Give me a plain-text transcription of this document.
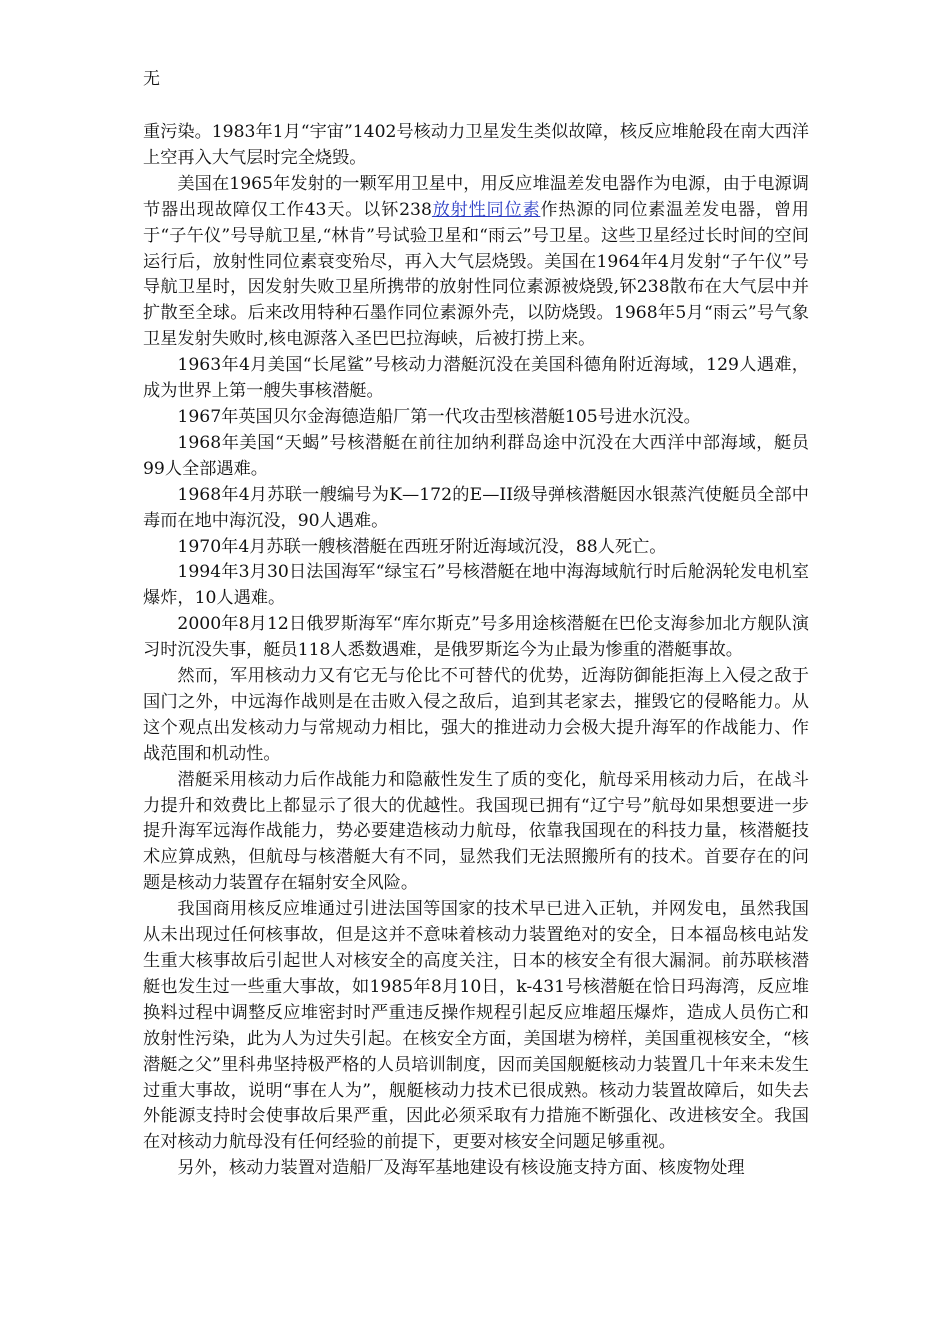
无

重污染。1983年1月“宇宙”1402号核动力卫星发生类似故障，核反应堆舱段在南大西洋上空再入大气层时完全烧毁。

美国在1965年发射的一颗军用卫星中，用反应堆温差发电器作为电源，由于电源调节器出现故障仅工作43天。以钚238放射性同位素作热源的同位素温差发电器，曾用于“子午仪”号导航卫星,“林肯”号试验卫星和“雨云”号卫星。这些卫星经过长时间的空间运行后，放射性同位素衰变殆尽，再入大气层烧毁。美国在1964年4月发射“子午仪”号导航卫星时，因发射失败卫星所携带的放射性同位素源被烧毁,钚238散布在大气层中并扩散至全球。后来改用特种石墨作同位素源外壳，以防烧毁。1968年5月“雨云”号气象卫星发射失败时,核电源落入圣巴巴拉海峡，后被打捞上来。

1963年4月美国“长尾鲨”号核动力潜艇沉没在美国科德角附近海域，129人遇难，成为世界上第一艘失事核潜艇。

1967年英国贝尔金海德造船厂第一代攻击型核潜艇105号进水沉没。

1968年美国“天蝎”号核潜艇在前往加纳利群岛途中沉没在大西洋中部海域，艇员99人全部遇难。

1968年4月苏联一艘编号为K—172的E—II级导弹核潜艇因水银蒸汽使艇员全部中毒而在地中海沉没，90人遇难。

1970年4月苏联一艘核潜艇在西班牙附近海域沉没，88人死亡。

1994年3月30日法国海军“绿宝石”号核潜艇在地中海海域航行时后舱涡轮发电机室爆炸，10人遇难。

2000年8月12日俄罗斯海军“库尔斯克”号多用途核潜艇在巴伦支海参加北方舰队演习时沉没失事，艇员118人悉数遇难，是俄罗斯迄今为止最为惨重的潜艇事故。

然而，军用核动力又有它无与伦比不可替代的优势，近海防御能拒海上入侵之敌于国门之外，中远海作战则是在击败入侵之敌后，追到其老家去，摧毁它的侵略能力。从这个观点出发核动力与常规动力相比，强大的推进动力会极大提升海军的作战能力、作战范围和机动性。

潜艇采用核动力后作战能力和隐蔽性发生了质的变化，航母采用核动力后，在战斗力提升和效费比上都显示了很大的优越性。我国现已拥有“辽宁号”航母如果想要进一步提升海军远海作战能力，势必要建造核动力航母，依靠我国现在的科技力量，核潜艇技术应算成熟，但航母与核潜艇大有不同，显然我们无法照搬所有的技术。首要存在的问题是核动力装置存在辐射安全风险。

我国商用核反应堆通过引进法国等国家的技术早已进入正轨，并网发电，虽然我国从未出现过任何核事故，但是这并不意味着核动力装置绝对的安全，日本福岛核电站发生重大核事故后引起世人对核安全的高度关注，日本的核安全有很大漏洞。前苏联核潜艇也发生过一些重大事故，如1985年8月10日，k-431号核潜艇在恰日玛海湾，反应堆换料过程中调整反应堆密封时严重违反操作规程引起反应堆超压爆炸，造成人员伤亡和放射性污染，此为人为过失引起。在核安全方面，美国堪为榜样，美国重视核安全，“核潜艇之父”里科弗坚持极严格的人员培训制度，因而美国舰艇核动力装置几十年来未发生过重大事故，说明“事在人为”，舰艇核动力技术已很成熟。核动力装置故障后，如失去外能源支持时会使事故后果严重，因此必须采取有力措施不断强化、改进核安全。我国在对核动力航母没有任何经验的前提下，更要对核安全问题足够重视。

另外，核动力装置对造船厂及海军基地建设有核设施支持方面、核废物处理
